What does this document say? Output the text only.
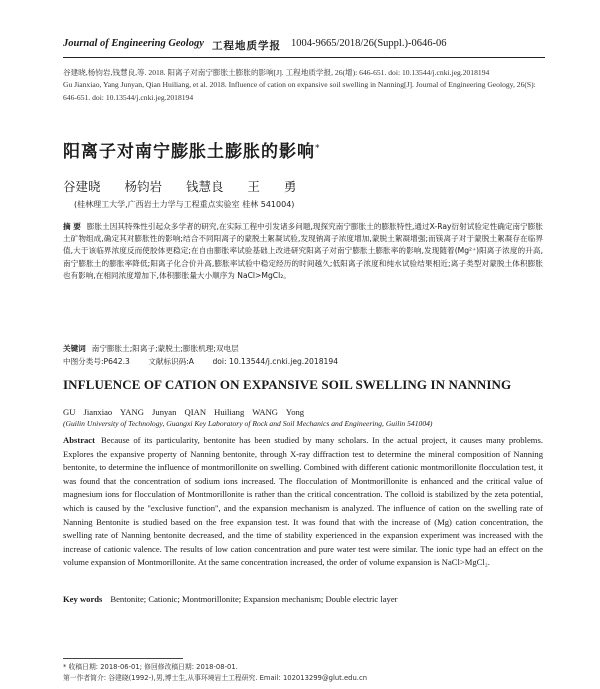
Journal of Engineering Geology 工程地质学报 1004-9665/2018/26(Suppl.)-0646-06

谷建晓,杨钧岩,钱慧良,等. 2018. 阳离子对南宁膨胀土膨胀的影响[J]. 工程地质学报, 26(增): 646-651. doi: 10.13544/j.cnki.jeg.2018194

Gu Jianxiao, Yang Junyan, Qian Huiliang, et al. 2018. Influence of cation on expansive soil swelling in Nanning[J]. Journal of Engineering Geology, 26(S): 646-651. doi: 10.13544/j.cnki.jeg.2018194

阳离子对南宁膨胀土膨胀的影响*
谷建晓 杨钧岩 钱慧良 王 勇
(桂林理工大学,广西岩土力学与工程重点实验室 桂林 541004)
摘 要 膨胀土因其特殊性引起众多学者的研究,在实际工程中引发诸多问题,现探究南宁膨胀土的膨胀特性,通过X-Ray衍射试验定性确定南宁膨胀土矿物组成,确定其对膨胀性的影响;结合不同阳离子的蒙脱土絮凝试验,发现钠离子浓度增加,蒙脱土絮凝增强;而镁离子对于蒙脱土絮凝存在临界值,大于该临界浓度反而使胶体更稳定;在自由膨胀率试验基础上改进研究阳离子对南宁膨胀土膨胀率的影响,发现随着(Mg²⁺)阳离子浓度的升高,南宁膨胀土的膨胀率降低;阳离子化合价升高,膨胀率试验中稳定经历的时间越久;低阳离子浓度和纯水试验结果相近;离子类型对蒙脱土体积膨胀也有影响,在相同浓度增加下,体积膨胀量大小顺序为 NaCl>MgCl₂。
关键词 南宁膨胀土;阳离子;蒙脱土;膨胀机理;双电层
中图分类号:P642.3 文献标识码:A doi: 10.13544/j.cnki.jeg.2018194
INFLUENCE OF CATION ON EXPANSIVE SOIL SWELLING IN NANNING
GU Jianxiao YANG Junyan QIAN Huiliang WANG Yong
(Guilin University of Technology, Guangxi Key Laboratory of Rock and Soil Mechanics and Engineering, Guilin 541004)
Abstract Because of its particularity, bentonite has been studied by many scholars. In the actual project, it causes many problems. Explores the expansive property of Nanning bentonite, through X-ray diffraction test to determine the mineral composition of Nanning bentonite, to determine the influence of montmorillonite on swelling. Combined with different cationic montmorillonite flocculation test, it was found that the concentration of sodium ions increased. The flocculation of Montmorillonite is enhanced and the critical value of magnesium ions for flocculation of Montmorillonite is rather than the critical concentration. The colloid is stabilized by the zeta potential, which is caused by the "exclusive function", and the expansion mechanism is analyzed. The influence of cation on the swelling rate of Nanning Bentonite is studied based on the free expansion test. It was found that with the increase of (Mg) cation concentration, the swelling rate of Nanning bentonite decreased, and the time of stability experienced in the expansion experiment was increased with the increase of cationic valence. The results of low cation concentration and pure water test were similar. The ionic type had an effect on the volume expansion of Montmorillonite. At the same concentration increased, the order of volume expansion is NaCl>MgCl₂.
Key words Bentonite; Cationic; Montmorillonite; Expansion mechanism; Double electric layer

* 收稿日期: 2018-06-01; 修回修改稿日期: 2018-08-01.

第一作者简介: 谷建晓(1992-),男,博士生,从事环境岩土工程研究. Email: 102013299@glut.edu.cn
